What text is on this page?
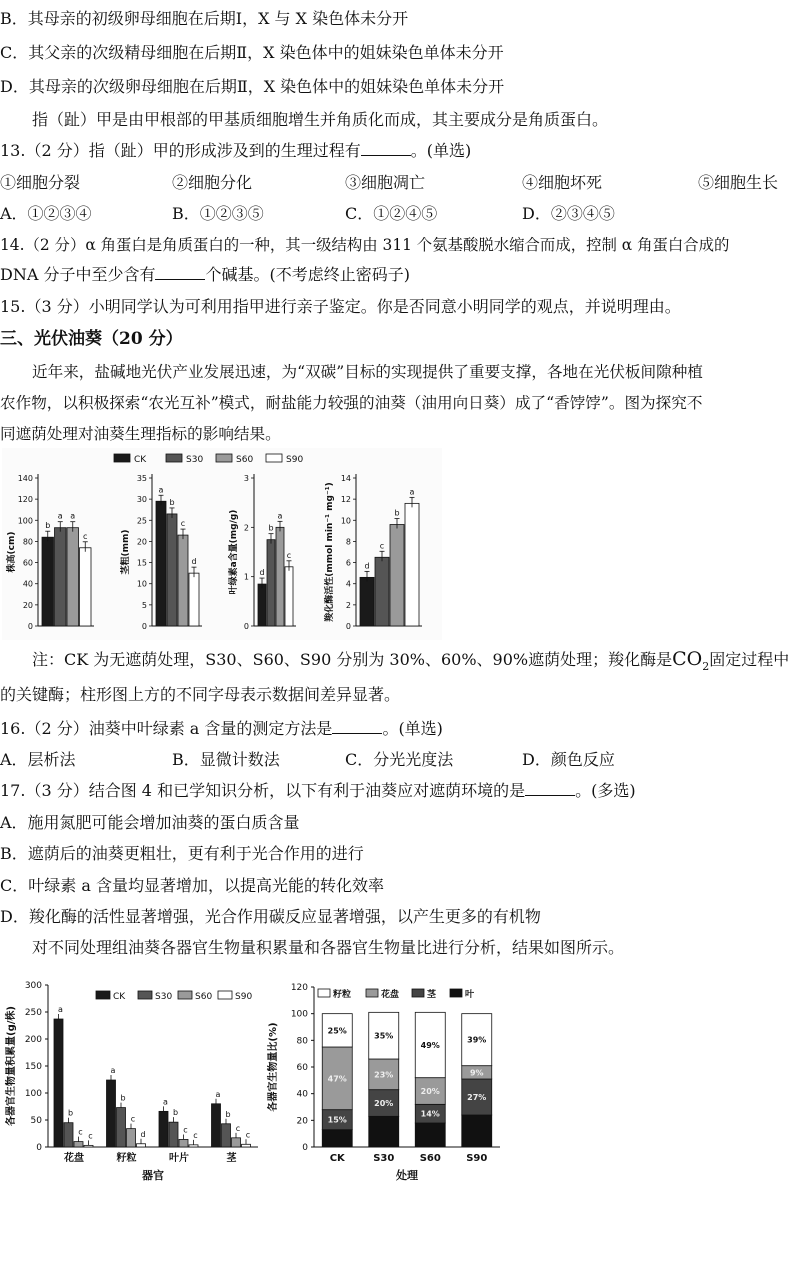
B．其母亲的初级卵母细胞在后期Ⅰ，X 与 X 染色体未分开
C．其父亲的次级精母细胞在后期Ⅱ，X 染色体中的姐妹染色单体未分开
D．其母亲的次级卵母细胞在后期Ⅱ，X 染色体中的姐妹染色单体未分开
指（趾）甲是由甲根部的甲基质细胞增生并角质化而成，其主要成分是角质蛋白。
13.（2 分）指（趾）甲的形成涉及到的生理过程有	。(单选)
①细胞分裂	②细胞分化	③细胞凋亡	④细胞坏死	⑤细胞生长
A．①②③④	B．①②③⑤	C．①②④⑤	D．②③④⑤
14.（2 分）α 角蛋白是角质蛋白的一种，其一级结构由 311 个氨基酸脱水缩合而成，控制 α 角蛋白合成的
DNA 分子中至少含有	个碱基。(不考虑终止密码子)
15.（3 分）小明同学认为可利用指甲进行亲子鉴定。你是否同意小明同学的观点，并说明理由。
三、光伏油葵（20 分）
近年来，盐碱地光伏产业发展迅速，为“双碳”目标的实现提供了重要支撑，各地在光伏板间隙种植
农作物，以积极探索“农光互补”模式，耐盐能力较强的油葵（油用向日葵）成了“香饽饽”。图为探究不
同遮荫处理对油葵生理指标的影响结果。
CK	S30	S60	S90
0
20
40
60
80
100
120
140
株高(cm)
b
a a
c
0
5
10
15
20
25
30
35
茎粗(mm)
a
b
c
d
0
1
2
3
叶绿素a含量(mg/g)	d
b
a
c
0
2
4
6
8
10
12
14
羧化酶活性(mmol min⁻¹ mg⁻¹)	d
c
b
a
注：CK 为无遮荫处理，S30、S60、S90 分别为 30%、60%、90%遮荫处理；羧化酶是$CO_2$固定过程中
的关键酶；柱形图上方的不同字母表示数据间差异显著。
16.（2 分）油葵中叶绿素 a 含量的测定方法是	。(单选)
A．层析法	B．显微计数法	C．分光光度法	D．颜色反应
17.（3 分）结合图 4 和已学知识分析，以下有利于油葵应对遮荫环境的是	。(多选)
A．施用氮肥可能会增加油葵的蛋白质含量
B．遮荫后的油葵更粗壮，更有利于光合作用的进行
C．叶绿素 a 含量均显著增加，以提高光能的转化效率
D．羧化酶的活性显著增强，光合作用碳反应显著增强，以产生更多的有机物
对不同处理组油葵各器官生物量积累量和各器官生物量比进行分析，结果如图所示。
0
50
100
150
200
250
300
各器官生物量积累量(g/株)
CK	S30	S60	S90
a
b
c c
花盘
a
b
c
d
籽粒
a
b
c
c
叶片
a
b
c
c
茎
器官
0
20
40
60
80
100
120
各器官生物量比(%)
籽粒	花盘	茎	叶
15%
47%
25%
CK
20%
23%
35%
S30
14%
20%
49%
S60
27%
9%
39%
S90
处理
